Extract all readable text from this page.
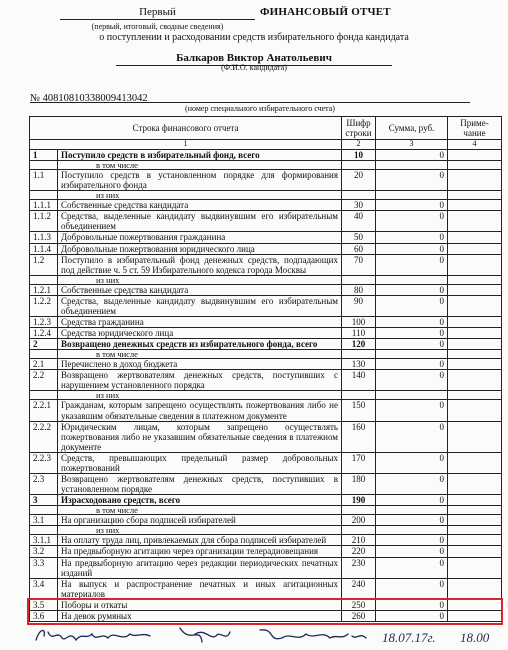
Первый	ФИНАНСОВЫЙ ОТЧЕТ
(первый, итоговый, сводные сведения)
о поступлении и расходовании средств избирательного фонда кандидата
Балкаров Виктор Анатольевич
(Ф.И.О. кандидата)
№ 40810810338009413042
(номер специального избирательного счета)
Строка финансового отчета		Шифр строки	Сумма, руб.	Приме-чание
1		2	3	4
1	Поступило средств в избирательный фонд, всего	10	0	
	в том числе			
1.1	Поступило средств в установленном порядке для формирования избирательного фонда	20	0	
	из них			
1.1.1	Собственные средства кандидата	30	0	
1.1.2	Средства, выделенные кандидату выдвинувшим его избирательным объединением	40	0	
1.1.3	Добровольные пожертвования гражданина	50	0	
1.1.4	Добровольные пожертвования юридического лица	60	0	
1.2	Поступило в избирательный фонд денежных средств, подпадающих под действие ч. 5 ст. 59 Избирательного кодекса города Москвы	70	0	
	из них			
1.2.1	Собственные средства кандидата	80	0	
1.2.2	Средства, выделенные кандидату выдвинувшим его избирательным объединением	90	0	
1.2.3	Средства гражданина	100	0	
1.2.4	Средства юридического лица	110	0	
2	Возвращено денежных средств из избирательного фонда, всего	120	0	
	в том числе			
2.1	Перечислено в доход бюджета	130	0	
2.2	Возвращено жертвователям денежных средств, поступивших с нарушением установленного порядка	140	0	
	из них			
2.2.1	Гражданам, которым запрещено осуществлять пожертвования либо не указавшим обязательные сведения в платежном документе	150	0	
2.2.2	Юридическим лицам, которым запрещено осуществлять пожертвования либо не указавшим обязательные сведения в платежном документе	160	0	
2.2.3	Средств, превышающих предельный размер добровольных пожертвований	170	0	
2.3	Возвращено жертвователям денежных средств, поступивших в установленном порядке	180	0	
3	Израсходовано средств, всего	190	0	
	в том числе			
3.1	На организацию сбора подписей избирателей	200	0	
	из них			
3.1.1	На оплату труда лиц, привлекаемых для сбора подписей избирателей	210	0	
3.2	На предвыборную агитацию через организации телерадиовещания	220	0	
3.3	На предвыборную агитацию через редакции периодических печатных изданий	230	0	
3.4	На выпуск и распространение печатных и иных агитационных материалов	240	0	
3.5	Поборы и откаты	250	0	
3.6	На девок румяных	260	0	
18.07.17г. 18.00
